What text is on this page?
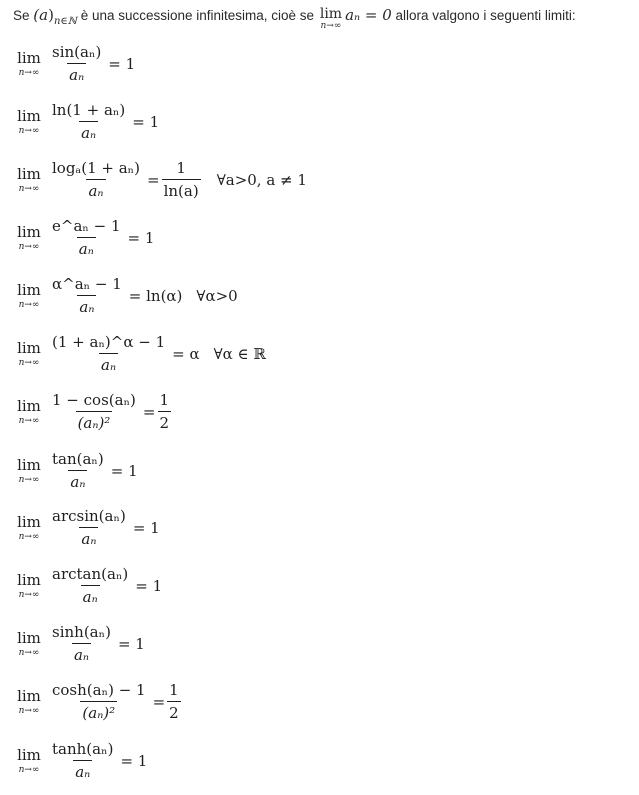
Se $(a)_{n\in ℕ}$ è una successione infinitesima, cioè se lim
n→∞
aₙ = 0 allora valgono i seguenti limiti:
lim
$n\to\infty \frac{\text{sin(aₙ)}}{\text{aₙ}} = 1$
lim
$n\to\infty \frac{\text{ln(1 + aₙ)}}{\text{aₙ}} = 1$
lim
$n\to\infty \frac{\text{logₐ(1 + aₙ)}}{\text{aₙ}} = \frac{1}{\ln(a)}$ ∀a>0, a ≠ 1
lim
$n\to\infty \frac{\text{e\textasciicircum{}aₙ − 1}}{\text{aₙ}} = 1$
lim
$n\to\infty \frac{\text{α\textasciicircum{}aₙ − 1}}{\text{aₙ}} = \ln(\alpha)$ ∀α>0
lim
$n\to\infty \frac{\text{(1 + aₙ)\textasciicircum{}α − 1}}{\text{aₙ}} = \alpha$ ∀α ∈ ℝ
lim
$n\to\infty \frac{\text{1 − cos(aₙ)}}{\text{(aₙ)²}} = \frac{1}{2}$
lim
$n\to\infty \frac{\text{tan(aₙ)}}{\text{aₙ}} = 1$
lim
$n\to\infty \frac{\text{arcsin(aₙ)}}{\text{aₙ}} = 1$
lim
$n\to\infty \frac{\text{arctan(aₙ)}}{\text{aₙ}} = 1$
lim
$n\to\infty \frac{\text{sinh(aₙ)}}{\text{aₙ}} = 1$
lim
$n\to\infty \frac{\text{cosh(aₙ) − 1}}{\text{(aₙ)²}} = \frac{1}{2}$
lim
$n\to\infty \frac{\text{tanh(aₙ)}}{\text{aₙ}} = 1$
